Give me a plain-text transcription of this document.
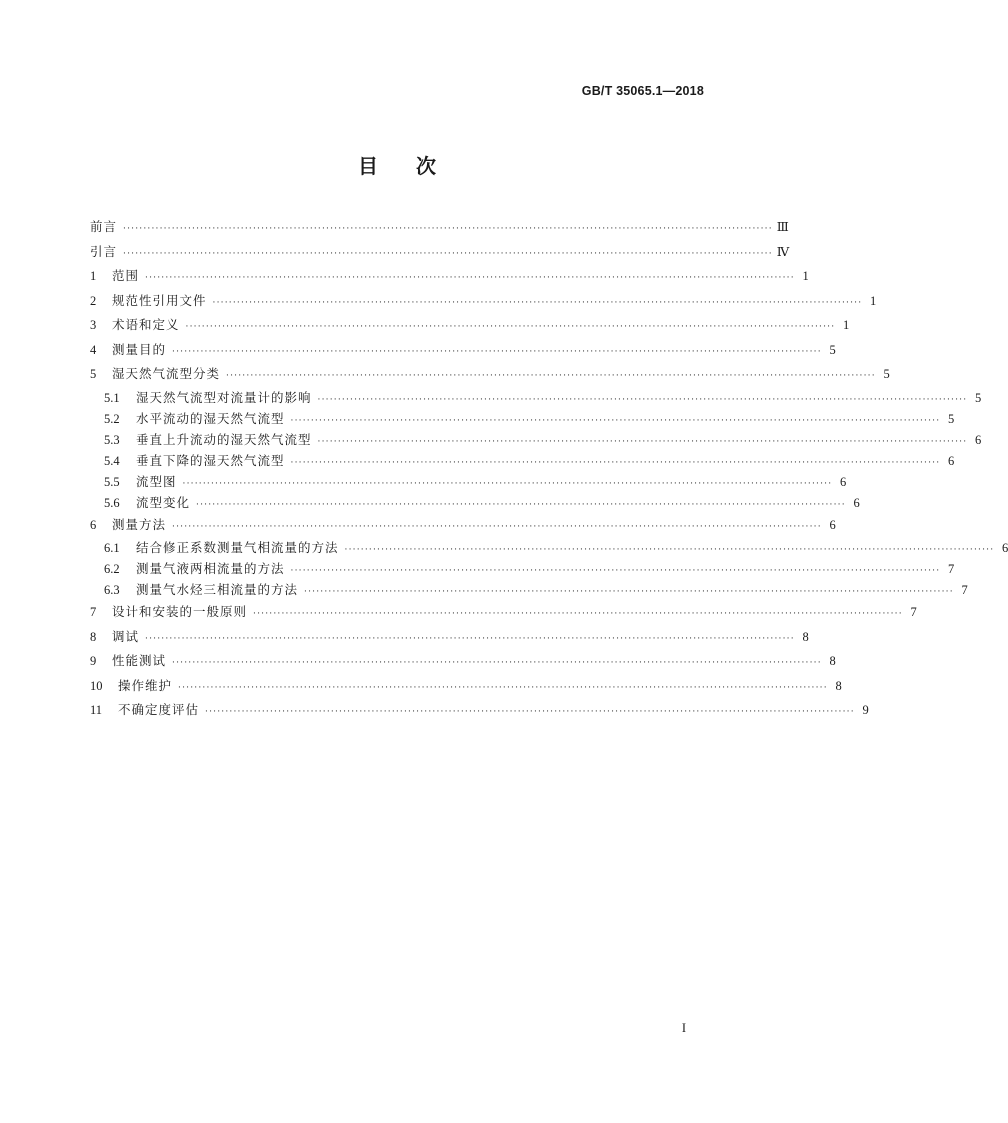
GB/T 35065.1—2018
目次
前言 ································································································································································ Ⅲ
引言 ································································································································································ Ⅳ
1	范围 ································································································································································ 1
2	规范性引用文件 ································································································································································ 1
3	术语和定义 ································································································································································ 1
4	测量目的 ································································································································································ 5
5	湿天然气流型分类 ································································································································································ 5
5.1	湿天然气流型对流量计的影响 ································································································································································ 5
5.2	水平流动的湿天然气流型 ································································································································································ 5
5.3	垂直上升流动的湿天然气流型 ································································································································································ 6
5.4	垂直下降的湿天然气流型 ································································································································································ 6
5.5	流型图 ································································································································································ 6
5.6	流型变化 ································································································································································ 6
6	测量方法 ································································································································································ 6
6.1	结合修正系数测量气相流量的方法 ································································································································································ 6
6.2	测量气液两相流量的方法 ································································································································································ 7
6.3	测量气水烃三相流量的方法 ································································································································································ 7
7	设计和安装的一般原则 ································································································································································ 7
8	调试 ································································································································································ 8
9	性能测试 ································································································································································ 8
10	操作维护 ································································································································································ 8
11	不确定度评估 ································································································································································ 9
I
